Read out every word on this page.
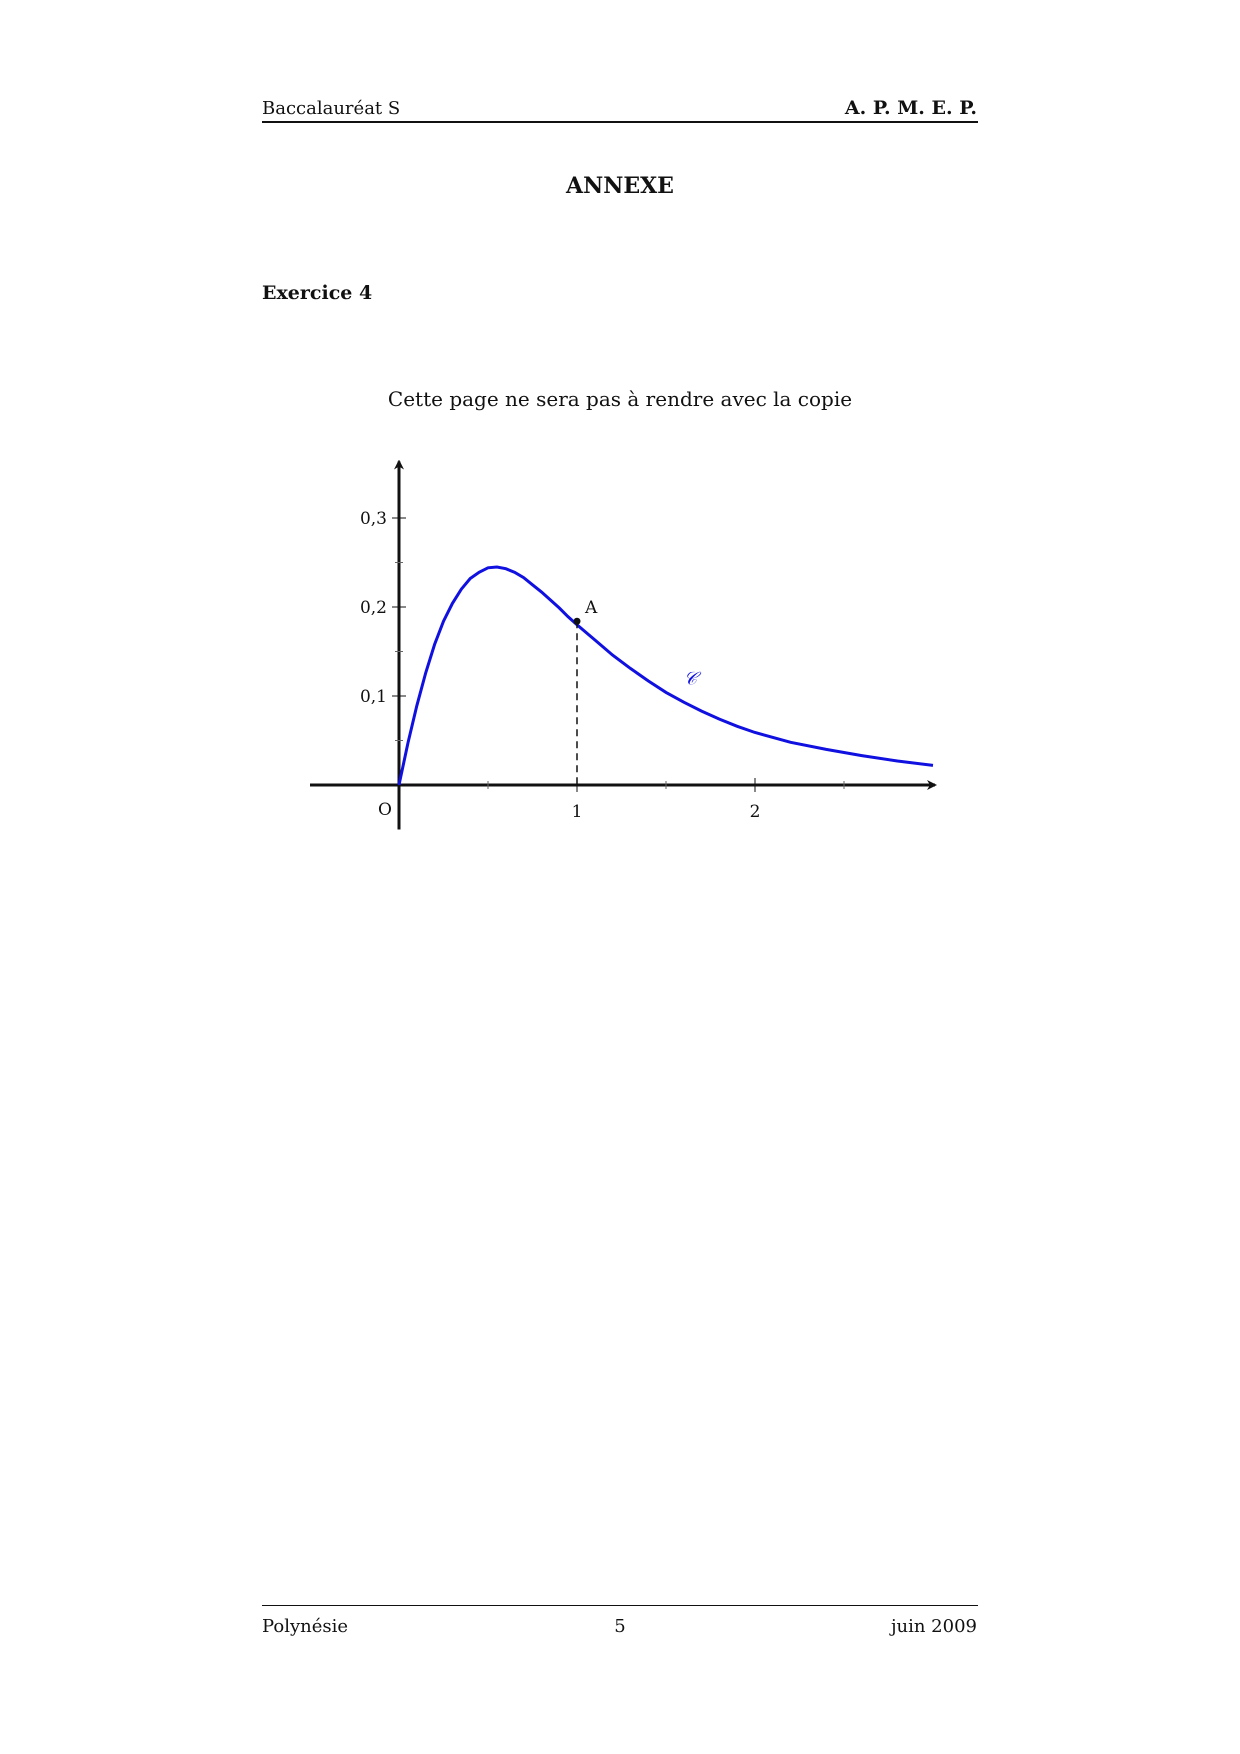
Baccalauréat S	A. P. M. E. P.
ANNEXE
Exercice 4
Cette page ne sera pas à rendre avec la copie
1	2
0,1
0,2
0,3
O
𝒞
A
Polynésie	5	juin 2009
